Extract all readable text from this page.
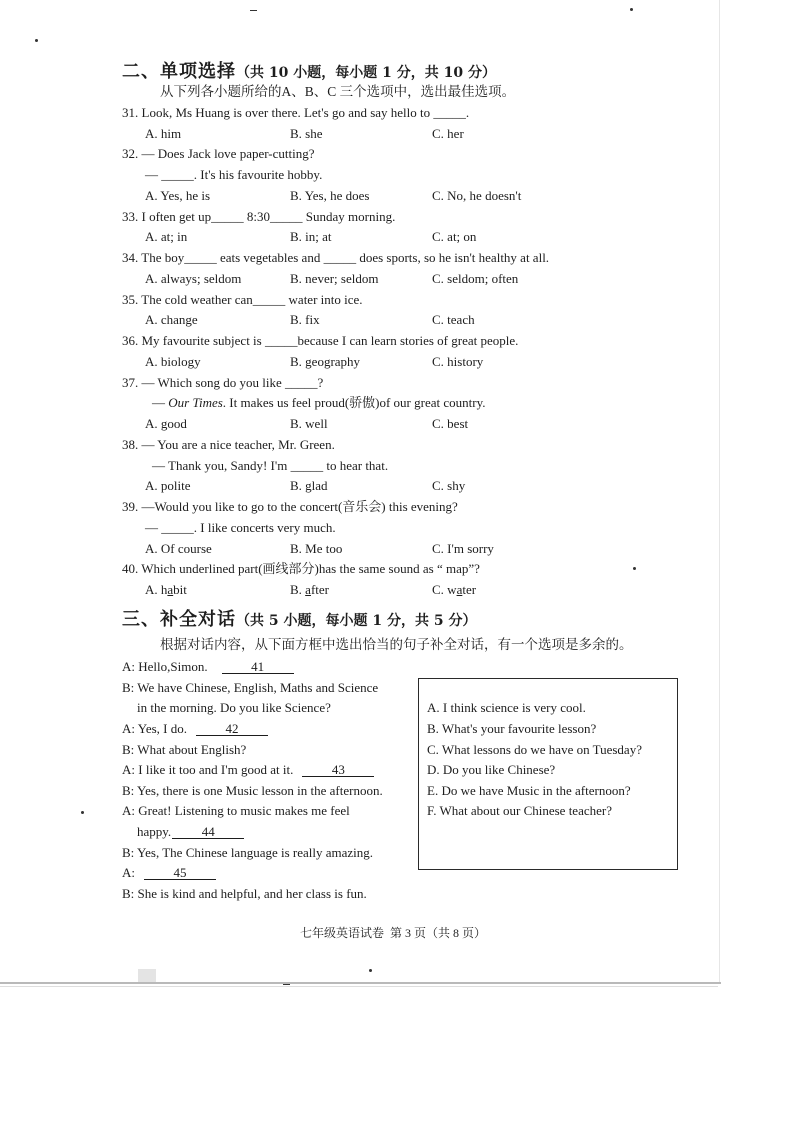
二、单项选择（共 10 小题，每小题 1 分，共 10 分）
从下列各小题所给的A、B、C 三个选项中，选出最佳选项。
31. Look, Ms Huang is over there. Let's go and say hello to _____.
A. him	B. she	C. her
32. — Does Jack love paper-cutting?
— _____. It's his favourite hobby.
A. Yes, he is	B. Yes, he does	C. No, he doesn't
33. I often get up_____ 8:30_____ Sunday morning.
A. at; in	B. in; at	C. at; on
34. The boy_____ eats vegetables and _____ does sports, so he isn't healthy at all.
A. always; seldom	B. never; seldom	C. seldom; often
35. The cold weather can_____ water into ice.
A. change	B. fix	C. teach
36. My favourite subject is _____because I can learn stories of great people.
A. biology	B. geography	C. history
37. — Which song do you like _____?
— Our Times. It makes us feel proud(骄傲)of our great country.
A. good	B. well	C. best
38. — You are a nice teacher, Mr. Green.
— Thank you, Sandy! I'm _____ to hear that.
A. polite	B. glad	C. shy
39. —Would you like to go to the concert(音乐会) this evening?
— _____. I like concerts very much.
A. Of course	B. Me too	C. I'm sorry
40. Which underlined part(画线部分)has the same sound as “ map”?
A. habit	B. after	C. water
三、补全对话（共 5 小题，每小题 1 分，共 5 分）
根据对话内容，从下面方框中选出恰当的句子补全对话，有一个选项是多余的。
A: Hello,Simon.	41
B: We have Chinese, English, Maths and Science
in the morning. Do you like Science?
A: Yes, I do.	42
B: What about English?
A: I like it too and I'm good at it.	43
B: Yes, there is one Music lesson in the afternoon.
A: Great! Listening to music makes me feel
happy. 44
B: Yes, The Chinese language is really amazing.
A:	45
B: She is kind and helpful, and her class is fun.
A. I think science is very cool.
B. What's your favourite lesson?
C. What lessons do we have on Tuesday?
D. Do you like Chinese?
E. Do we have Music in the afternoon?
F. What about our Chinese teacher?
七年级英语试卷  第 3 页（共 8 页）
